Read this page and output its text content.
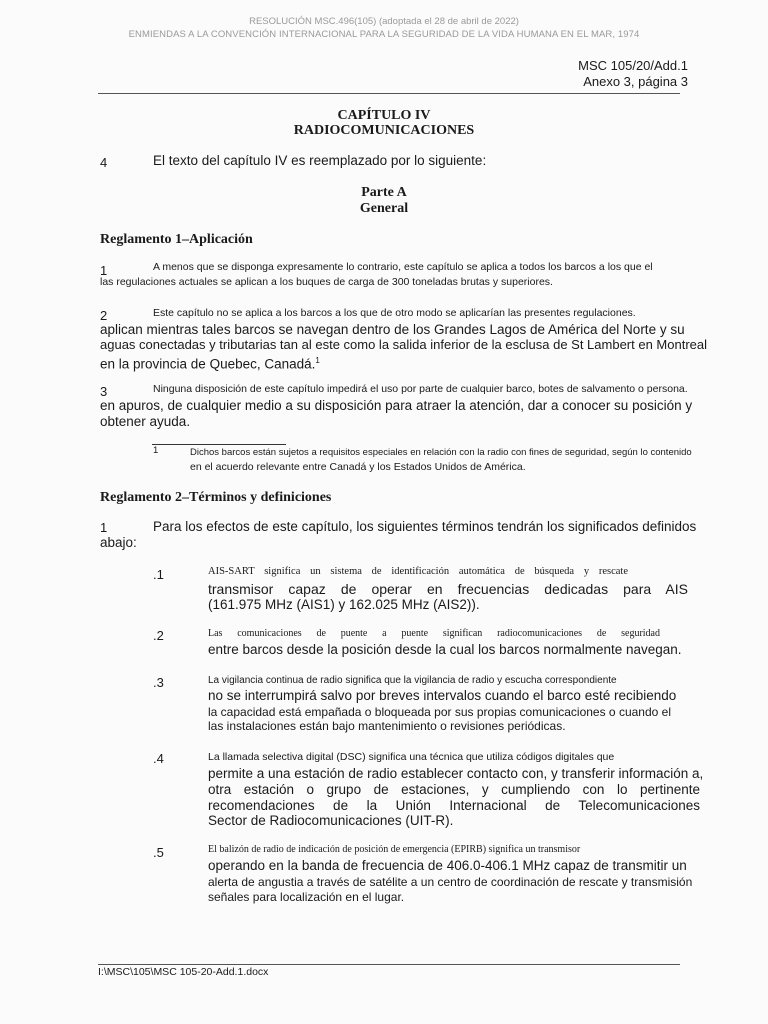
RESOLUCIÓN MSC.496(105) (adoptada el 28 de abril de 2022)
ENMIENDAS A LA CONVENCIÓN INTERNACIONAL PARA LA SEGURIDAD DE LA VIDA HUMANA EN EL MAR, 1974
MSC 105/20/Add.1
Anexo 3, página 3
CAPÍTULO IV
RADIOCOMUNICACIONES
4	El texto del capítulo IV es reemplazado por lo siguiente:
Parte A
General
Reglamento 1–Aplicación
1	A menos que se disponga expresamente lo contrario, este capítulo se aplica a todos los barcos a los que el
las regulaciones actuales se aplican a los buques de carga de 300 toneladas brutas y superiores.
2	Este capítulo no se aplica a los barcos a los que de otro modo se aplicarían las presentes regulaciones.
aplican mientras tales barcos se navegan dentro de los Grandes Lagos de América del Norte y su
aguas conectadas y tributarias tan al este como la salida inferior de la esclusa de St Lambert en Montreal
en la provincia de Quebec, Canadá.$^1$
3	Ninguna disposición de este capítulo impedirá el uso por parte de cualquier barco, botes de salvamento o persona.
en apuros, de cualquier medio a su disposición para atraer la atención, dar a conocer su posición y
obtener ayuda.
1	Dichos barcos están sujetos a requisitos especiales en relación con la radio con fines de seguridad, según lo contenido
en el acuerdo relevante entre Canadá y los Estados Unidos de América.
Reglamento 2–Términos y definiciones
1	Para los efectos de este capítulo, los siguientes términos tendrán los significados definidos
abajo:
.1	AIS-SART significa un sistema de identificación automática de búsqueda y rescate
transmisor capaz de operar en frecuencias dedicadas para AIS
(161.975 MHz (AIS1) y 162.025 MHz (AIS2)).
.2	Las comunicaciones de puente a puente significan radiocomunicaciones de seguridad
entre barcos desde la posición desde la cual los barcos normalmente navegan.
.3	La vigilancia continua de radio significa que la vigilancia de radio y escucha correspondiente
no se interrumpirá salvo por breves intervalos cuando el barco esté recibiendo
la capacidad está empañada o bloqueada por sus propias comunicaciones o cuando el
las instalaciones están bajo mantenimiento o revisiones periódicas.
.4	La llamada selectiva digital (DSC) significa una técnica que utiliza códigos digitales que
permite a una estación de radio establecer contacto con, y transferir información a,
otra estación o grupo de estaciones, y cumpliendo con lo pertinente
recomendaciones de la Unión Internacional de Telecomunicaciones
Sector de Radiocomunicaciones (UIT-R).
.5	El balizón de radio de indicación de posición de emergencia (EPIRB) significa un transmisor
operando en la banda de frecuencia de 406.0-406.1 MHz capaz de transmitir un
alerta de angustia a través de satélite a un centro de coordinación de rescate y transmisión
señales para localización en el lugar.
I:\MSC\105\MSC 105-20-Add.1.docx
